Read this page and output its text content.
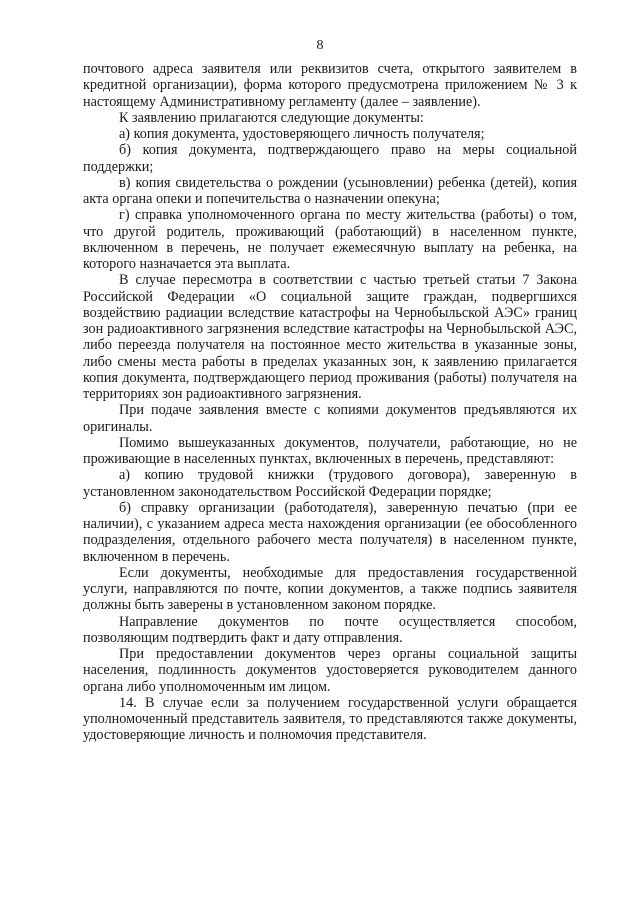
8

почтового адреса заявителя или реквизитов счета, открытого заявителем в кредитной организации), форма которого предусмотрена приложением № 3 к настоящему Административному регламенту (далее – заявление).

К заявлению прилагаются следующие документы:

а) копия документа, удостоверяющего личность получателя;

б) копия документа, подтверждающего право на меры социальной поддержки;

в) копия свидетельства о рождении (усыновлении) ребенка (детей), копия акта органа опеки и попечительства о назначении опекуна;

г) справка уполномоченного органа по месту жительства (работы) о том, что другой родитель, проживающий (работающий) в населенном пункте, включенном в перечень, не получает ежемесячную выплату на ребенка, на которого назначается эта выплата.

В случае пересмотра в соответствии с частью третьей статьи 7 Закона Российской Федерации «О социальной защите граждан, подвергшихся воздействию радиации вследствие катастрофы на Чернобыльской АЭС» границ зон радиоактивного загрязнения вследствие катастрофы на Чернобыльской АЭС, либо переезда получателя на постоянное место жительства в указанные зоны, либо смены места работы в пределах указанных зон, к заявлению прилагается копия документа, подтверждающего период проживания (работы) получателя на территориях зон радиоактивного загрязнения.

При подаче заявления вместе с копиями документов предъявляются их оригиналы.

Помимо вышеуказанных документов, получатели, работающие, но не проживающие в населенных пунктах, включенных в перечень, представляют:

а) копию трудовой книжки (трудового договора), заверенную в установленном законодательством Российской Федерации порядке;

б) справку организации (работодателя), заверенную печатью (при ее наличии), с указанием адреса места нахождения организации (ее обособленного подразделения, отдельного рабочего места получателя) в населенном пункте, включенном в перечень.

Если документы, необходимые для предоставления государственной услуги, направляются по почте, копии документов, а также подпись заявителя должны быть заверены в установленном законом порядке.

Направление документов по почте осуществляется способом, позволяющим подтвердить факт и дату отправления.

При предоставлении документов через органы социальной защиты населения, подлинность документов удостоверяется руководителем данного органа либо уполномоченным им лицом.

14. В случае если за получением государственной услуги обращается уполномоченный представитель заявителя, то представляются также документы, удостоверяющие личность и полномочия представителя.
